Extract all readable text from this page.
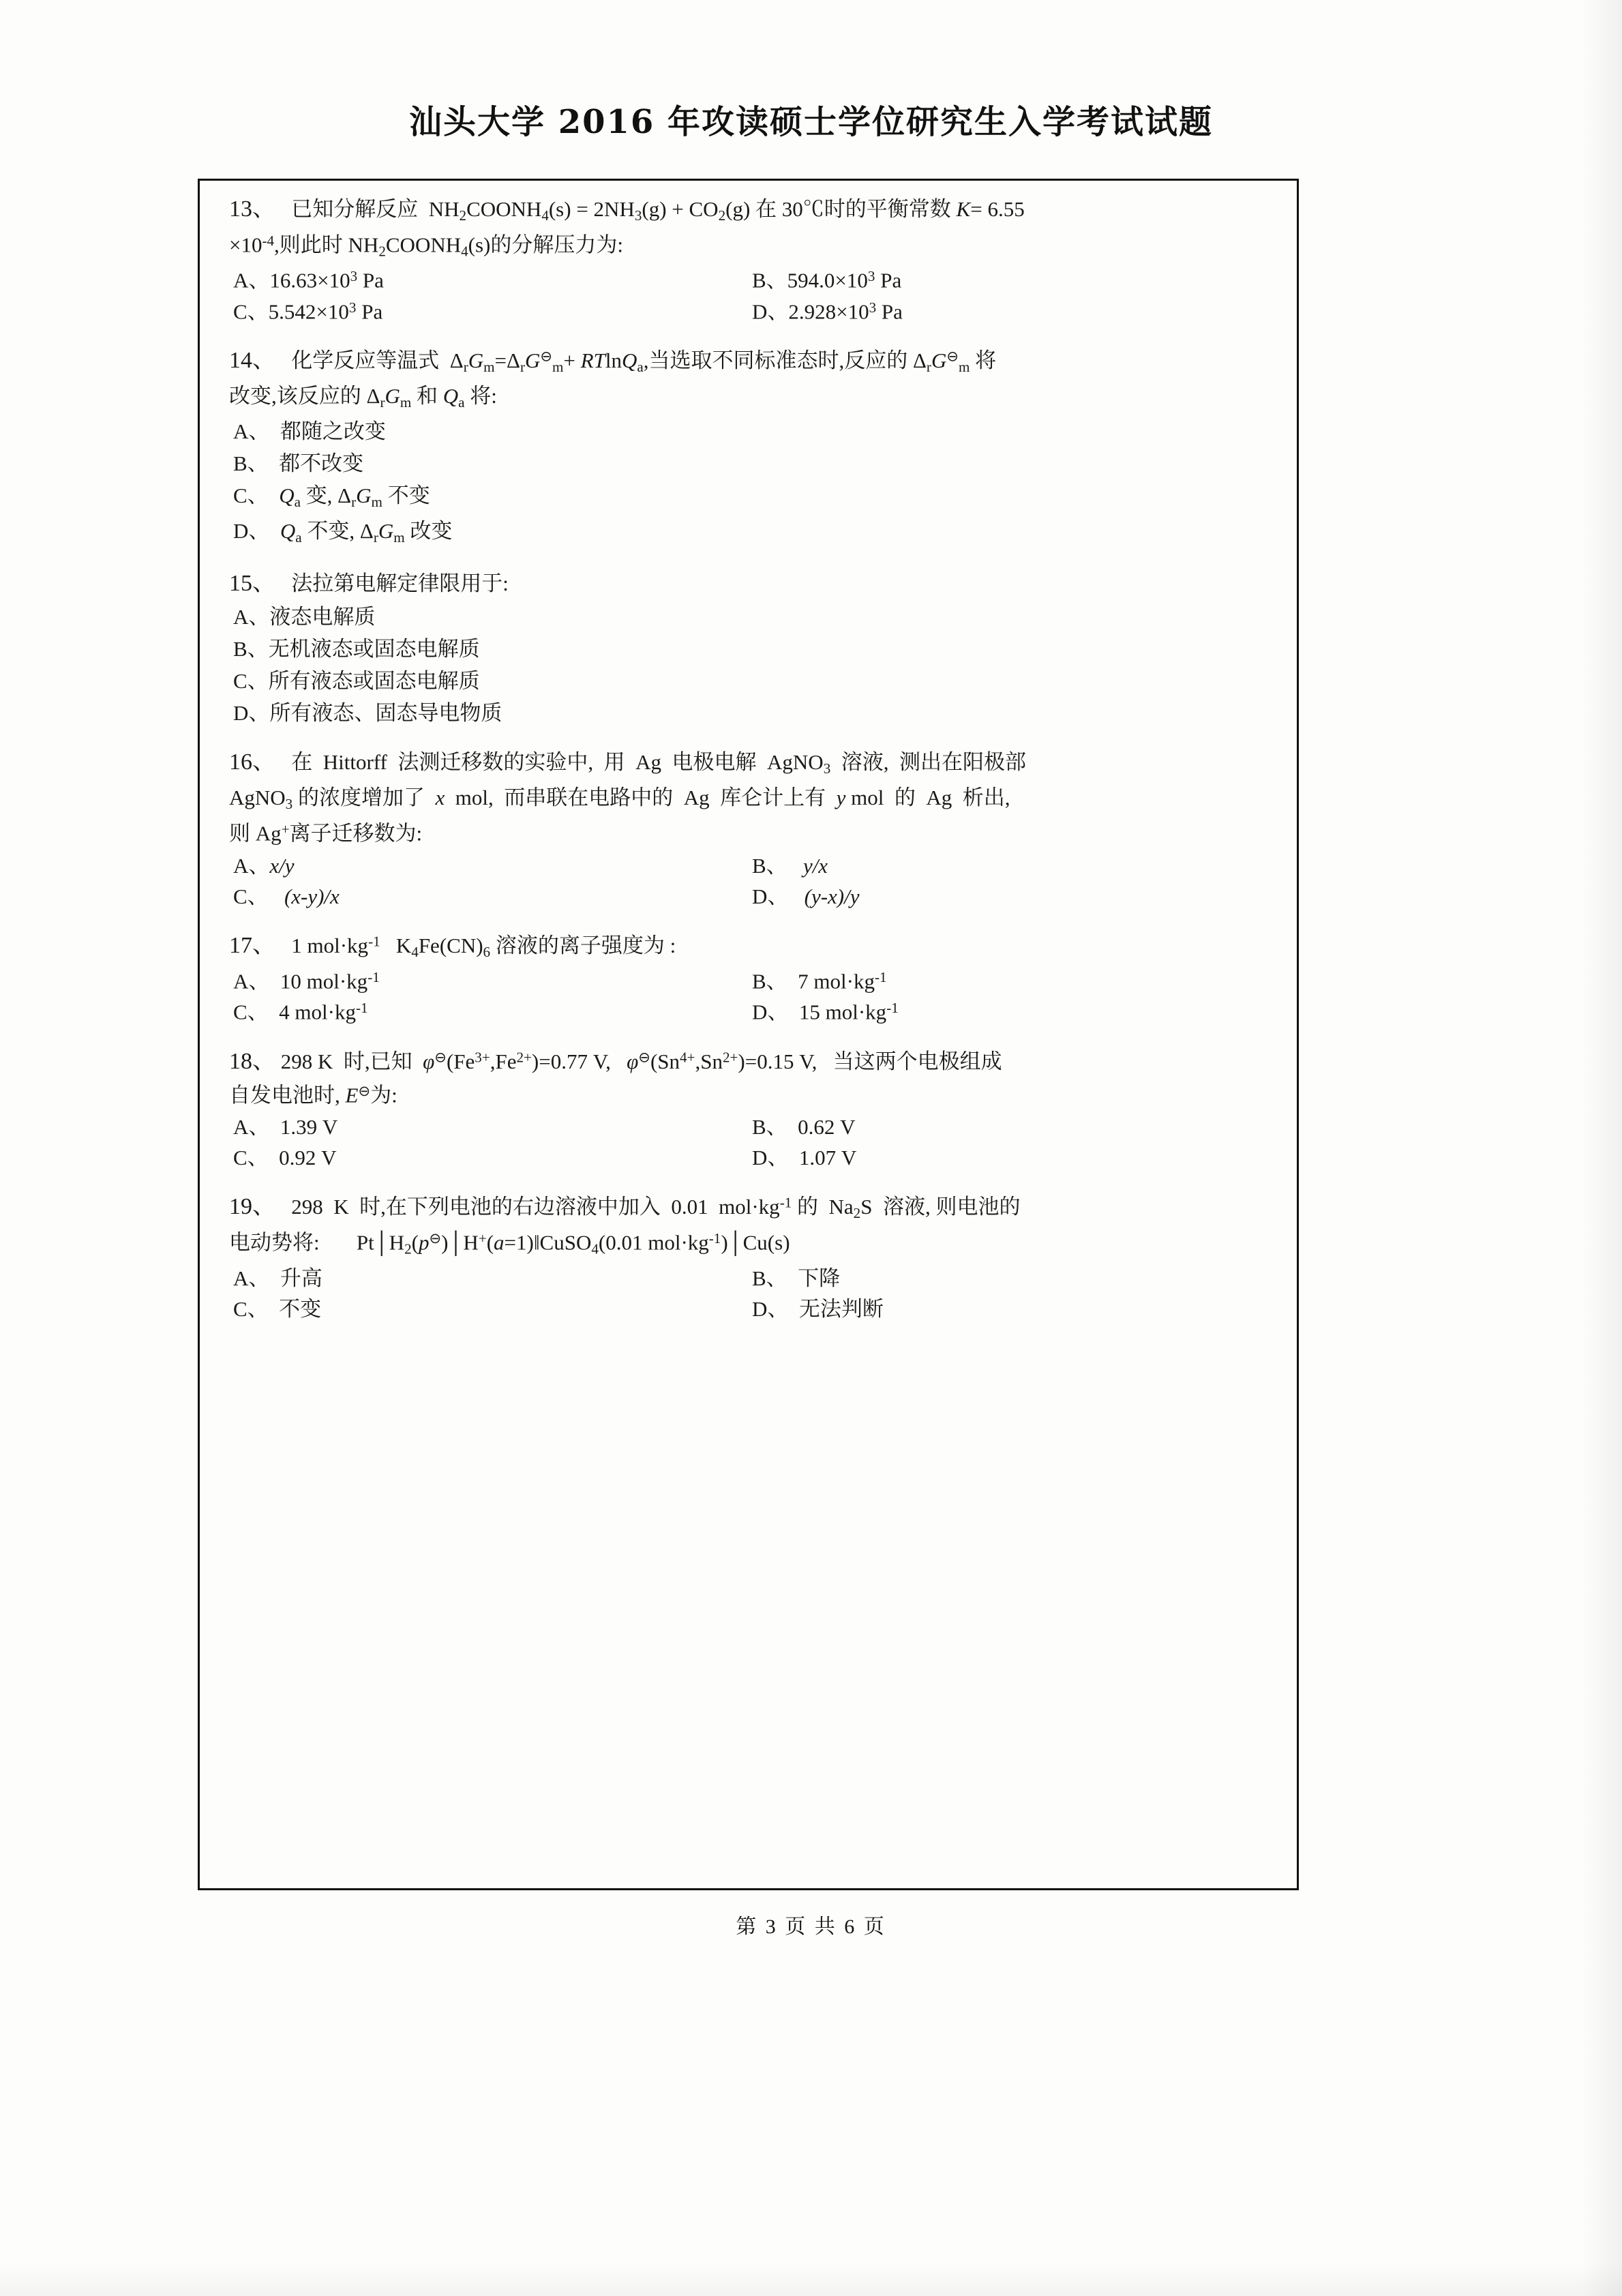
汕头大学 2016 年攻读硕士学位研究生入学考试试题
13、   已知分解反应  $NH_2COONH_4(s) = 2NH_3(g) + CO_2(g)$ 在 30℃时的平衡常数 K= 6.55
$\times 10^{-4}$,则此时 $NH_2COONH_4(s)$的分解压力为:
A、$16.63\times 10^3$ Pa	B、$594.0\times 10^3$ Pa
C、$5.542\times 10^3$ Pa	D、$2.928\times 10^3$ Pa
14、   化学反应等温式  $\Delta_rG_m=\Delta_rG^⊖_m+ RTlnQ_a$,当选取不同标准态时,反应的 $\Delta_rG^⊖_m$ 将
改变,该反应的 $\Delta_rG_m$ 和 $Q_a$ 将:
A、  都随之改变
B、  都不改变
C、  $Q_a$ 变, $\Delta_rG_m$ 不变
D、  $Q_a$ 不变, $\Delta_rG_m$ 改变
15、   法拉第电解定律限用于:
A、液态电解质
B、无机液态或固态电解质
C、所有液态或固态电解质
D、所有液态、固态导电物质
16、   在  Hittorff  法测迁移数的实验中,  用  Ag  电极电解  AgNO$_3$  溶液,  测出在阳极部
AgNO$_3$ 的浓度增加了  x  mol,  而串联在电路中的  Ag  库仑计上有  y mol  的  Ag  析出,
则 Ag+离子迁移数为:
A、x/y	B、   y/x
C、   (x-y)/x	D、   (y-x)/y
17、   1 $mol\cdot kg^{-1}$   $K_4Fe(CN)_6$ 溶液的离子强度为 :
A、  10 $mol\cdot kg^{-1}$	B、  7 $mol\cdot kg^{-1}$
C、  4 $mol\cdot kg^{-1}$	D、  15 $mol\cdot kg^{-1}$
18、 298 K  时,已知  $\varphi^⊖(Fe^{3+},Fe^{2+})=0.77$ V,   $\varphi^⊖(Sn^{4+},Sn^{2+})=0.15$ V,   当这两个电极组成
自发电池时, E⊖为:
A、  1.39 V	B、  0.62 V
C、  0.92 V	D、  1.07 V
19、   298  K  时,在下列电池的右边溶液中加入  0.01  $mol\cdot kg^{-1}$ 的  $Na_2S$  溶液, 则电池的
电动势将:       $Pt│H_2(p^⊖)│H^+(a=1)‖CuSO_4(0.01$ $mol\cdot kg^{-1})│Cu(s)$
A、  升高	B、  下降
C、  不变	D、  无法判断
第 3 页 共 6 页
